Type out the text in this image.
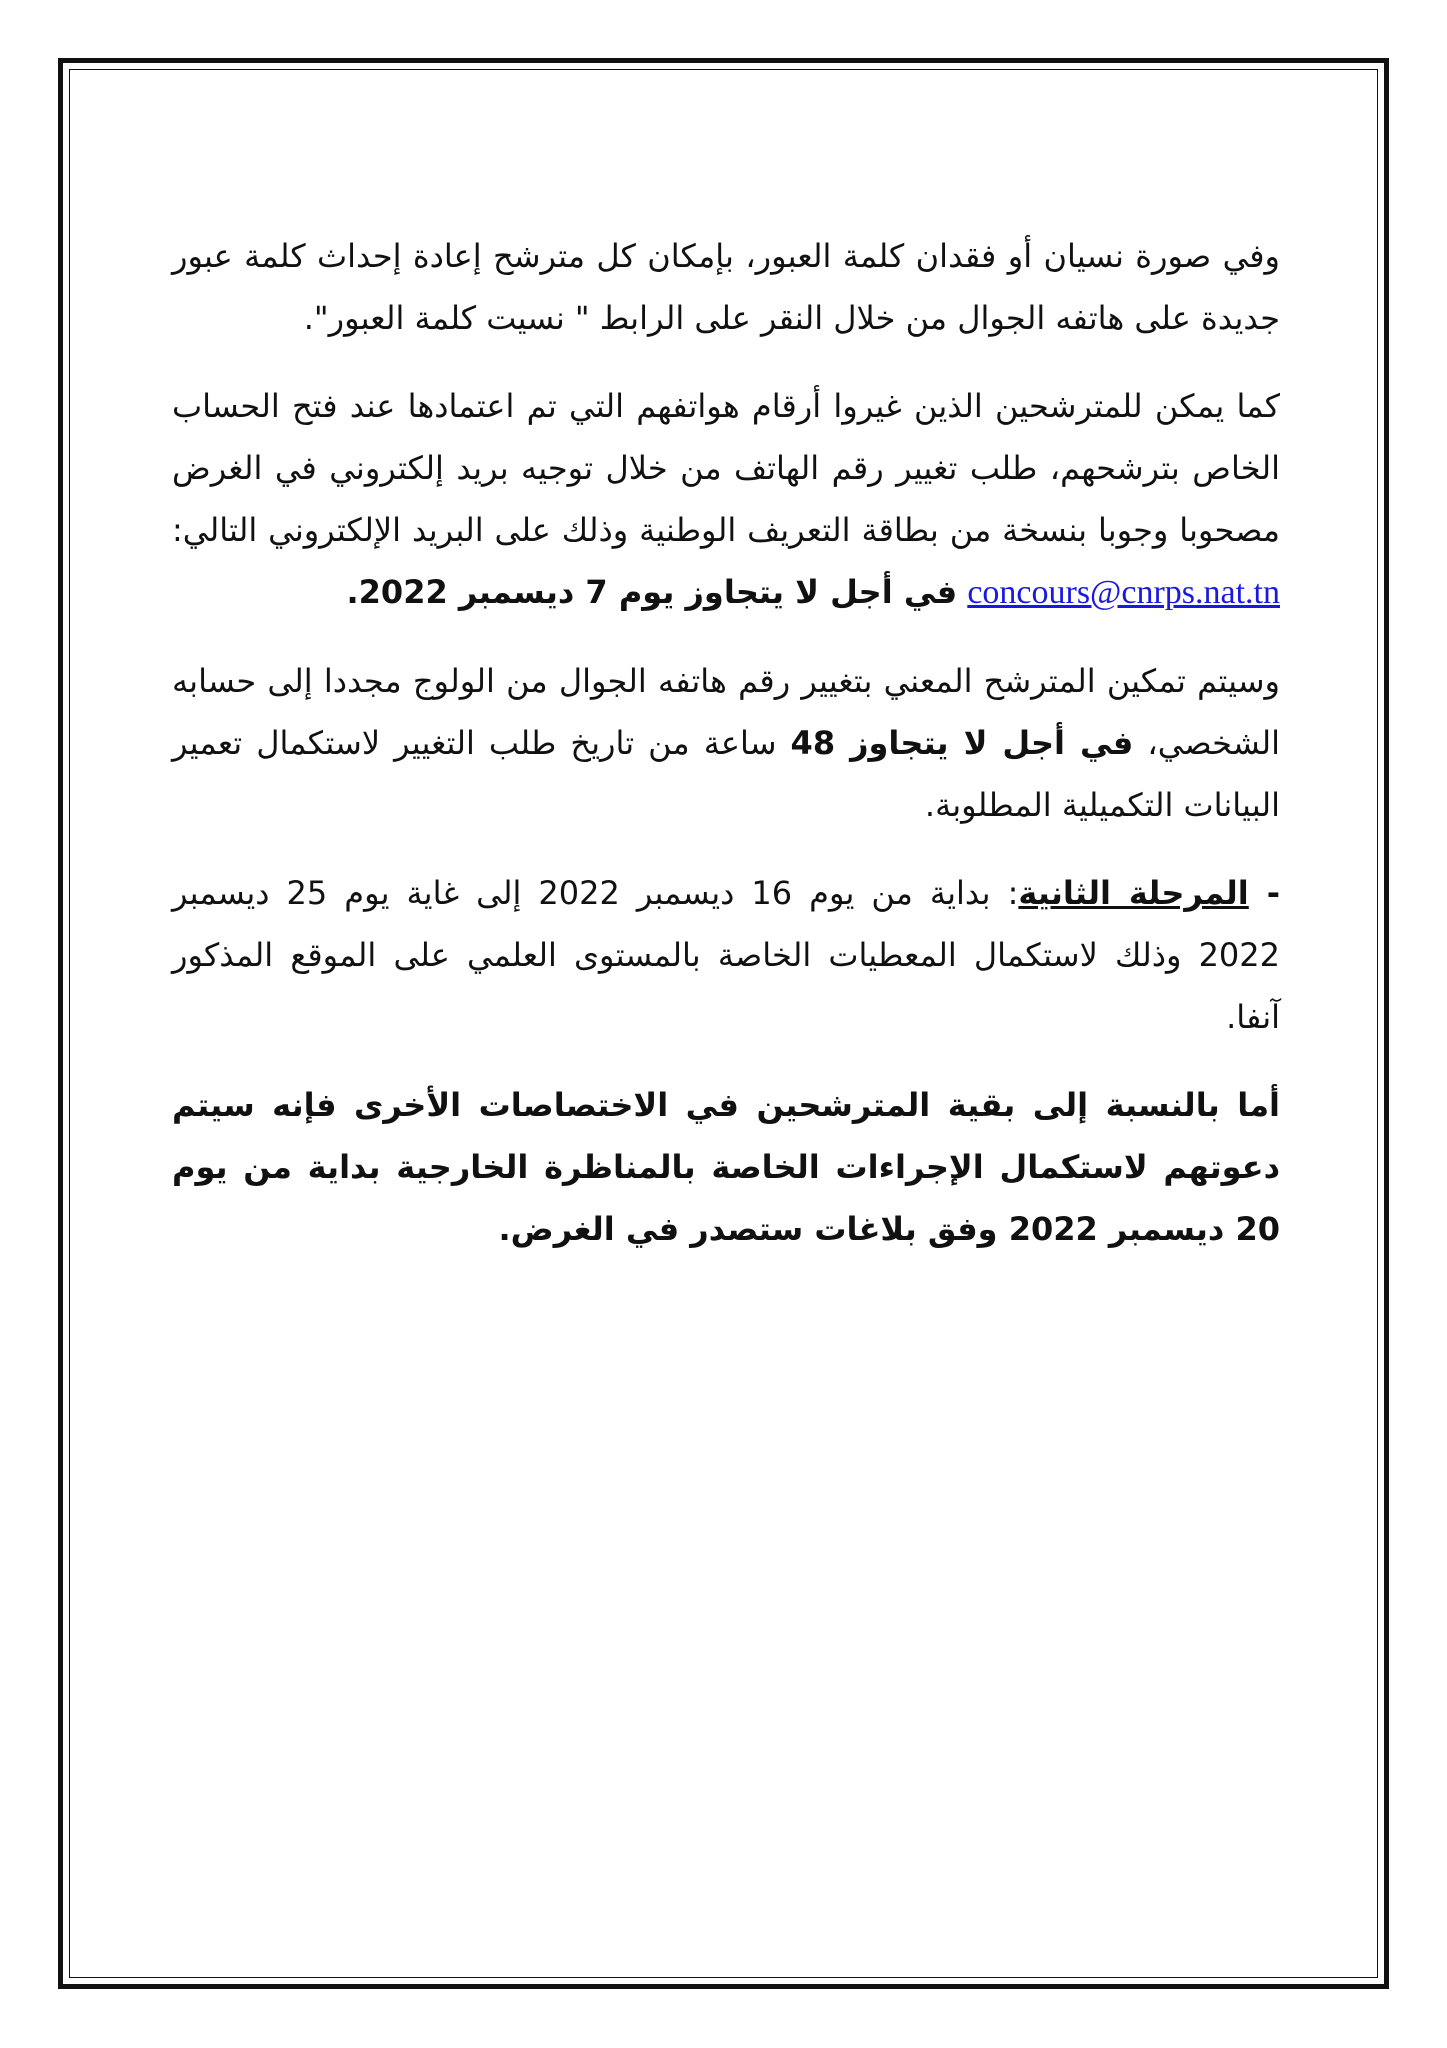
وفي صورة نسيان أو فقدان كلمة العبور، بإمكان كل مترشح إعادة إحداث كلمة عبور جديدة على هاتفه الجوال من خلال النقر على الرابط " نسيت كلمة العبور".

كما يمكن للمترشحين الذين غيروا أرقام هواتفهم التي تم اعتمادها عند فتح الحساب الخاص بترشحهم، طلب تغيير رقم الهاتف من خلال توجيه بريد إلكتروني في الغرض مصحوبا وجوبا بنسخة من بطاقة التعريف الوطنية وذلك على البريد الإلكتروني التالي: concours@cnrps.nat.tn في أجل لا يتجاوز يوم 7 ديسمبر 2022.

وسيتم تمكين المترشح المعني بتغيير رقم هاتفه الجوال من الولوج مجددا إلى حسابه الشخصي، في أجل لا يتجاوز 48 ساعة من تاريخ طلب التغيير لاستكمال تعمير البيانات التكميلية المطلوبة.

- المرحلة الثانية: بداية من يوم 16 ديسمبر 2022 إلى غاية يوم 25 ديسمبر 2022 وذلك لاستكمال المعطيات الخاصة بالمستوى العلمي على الموقع المذكور آنفا.

أما بالنسبة إلى بقية المترشحين في الاختصاصات الأخرى فإنه سيتم دعوتهم لاستكمال الإجراءات الخاصة بالمناظرة الخارجية بداية من يوم 20 ديسمبر 2022 وفق بلاغات ستصدر في الغرض.
